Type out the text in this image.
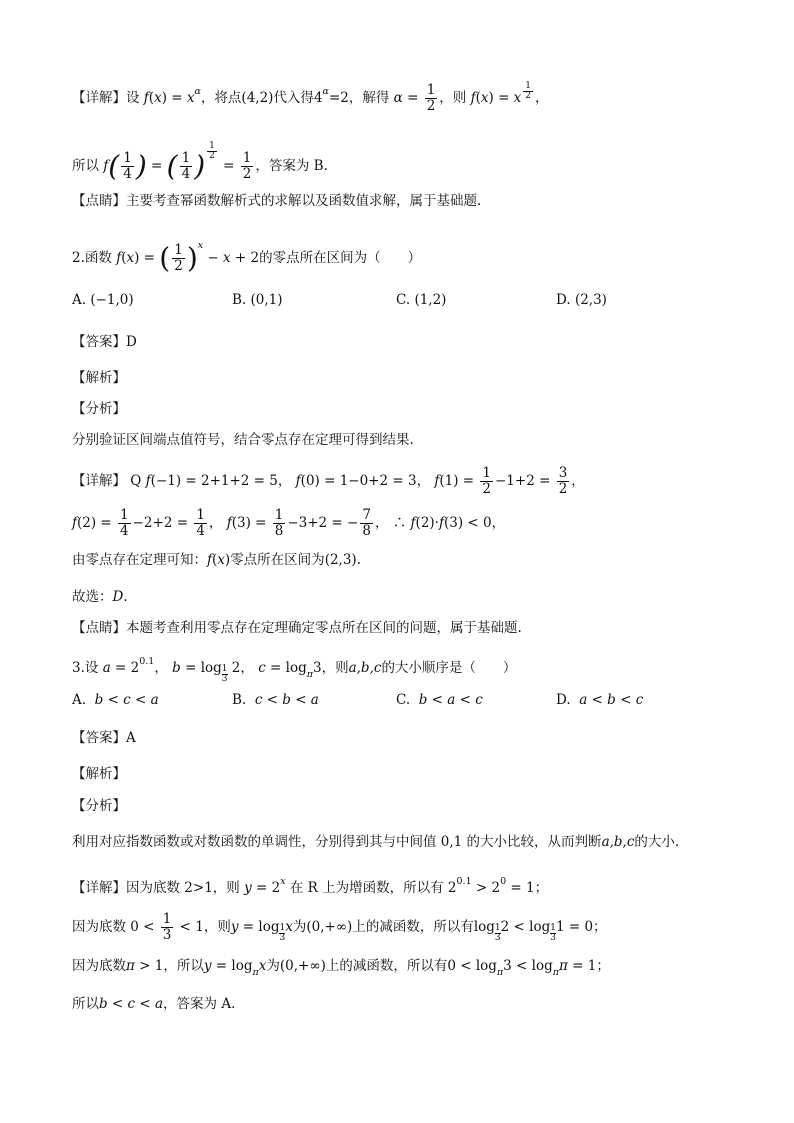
【详解】设 $f(x) = x^\alpha$，将点(4,2)代入得$4^\alpha=2$，解得 $\alpha = \frac{1}{2}$ ，则 f(x) = x $^{\frac{1}{2}}$ ，
所以 $f( \frac{1}{4}$ ) = ( $\frac{1}{4}$ ) $^{\frac{1}{2}}$
= $\frac{1}{2}$ ，答案为 B.
【点睛】主要考查幂函数解析式的求解以及函数值求解，属于基础题.
2.函数 f(x) = ( $\frac{1}{2} )^x - x + 2$的零点所在区间为（　　）
A. (−1,0)	B. (0,1)	C. (1,2)	D. (2,3)
【答案】D
【解析】
【分析】
分别验证区间端点值符号，结合零点存在定理可得到结果.
【详解】 Q f(−1) = 2+1+2 = 5， f(0) = 1−0+2 = 3， $f(1) = \frac{1}{2} -1+2 = \frac{3}{2}$ ，
$f(2) = \frac{1}{4} -2+2 = \frac{1}{4}$ ， $f(3) = \frac{1}{8} -3+2$ = − $\frac{7}{8}$ ， ∴ f(2)·f(3) < 0，
由零点存在定理可知：f(x)零点所在区间为(2,3).
故选：D.
【点睛】本题考查利用零点存在定理确定零点所在区间的问题，属于基础题.
3.设 $a = 2^{0.1}$， $b = \log \frac{1}{3} 2$， $c = \log_\pi 3$，则a,b,c的大小顺序是（　　）
A. b < c < a	B. c < b < a	C. b < a < c	D. a < b < c
【答案】A
【解析】
【分析】
利用对应指数函数或对数函数的单调性，分别得到其与中间值 0,1 的大小比较，从而判断a,b,c的大小.
【详解】因为底数 2>1，则 $y = 2^x$ 在 R 上为增函数，所以有 $2^{0.1} > 2^0 = 1$；
因为底数 $0 < \frac{1}{3} < 1$，则$y = \log \frac{1}{3}$ x为(0,+∞)上的减函数，所以有$\log \frac{1}{3} 2 < \log \frac{1}{3} 1 = 0$；
因为底数π > 1，所以$y = \log_\pi x$为(0,+∞)上的减函数，所以有$0 < \log_\pi 3 < \log_\pi\pi = 1$；
所以b < c < a，答案为 A.
